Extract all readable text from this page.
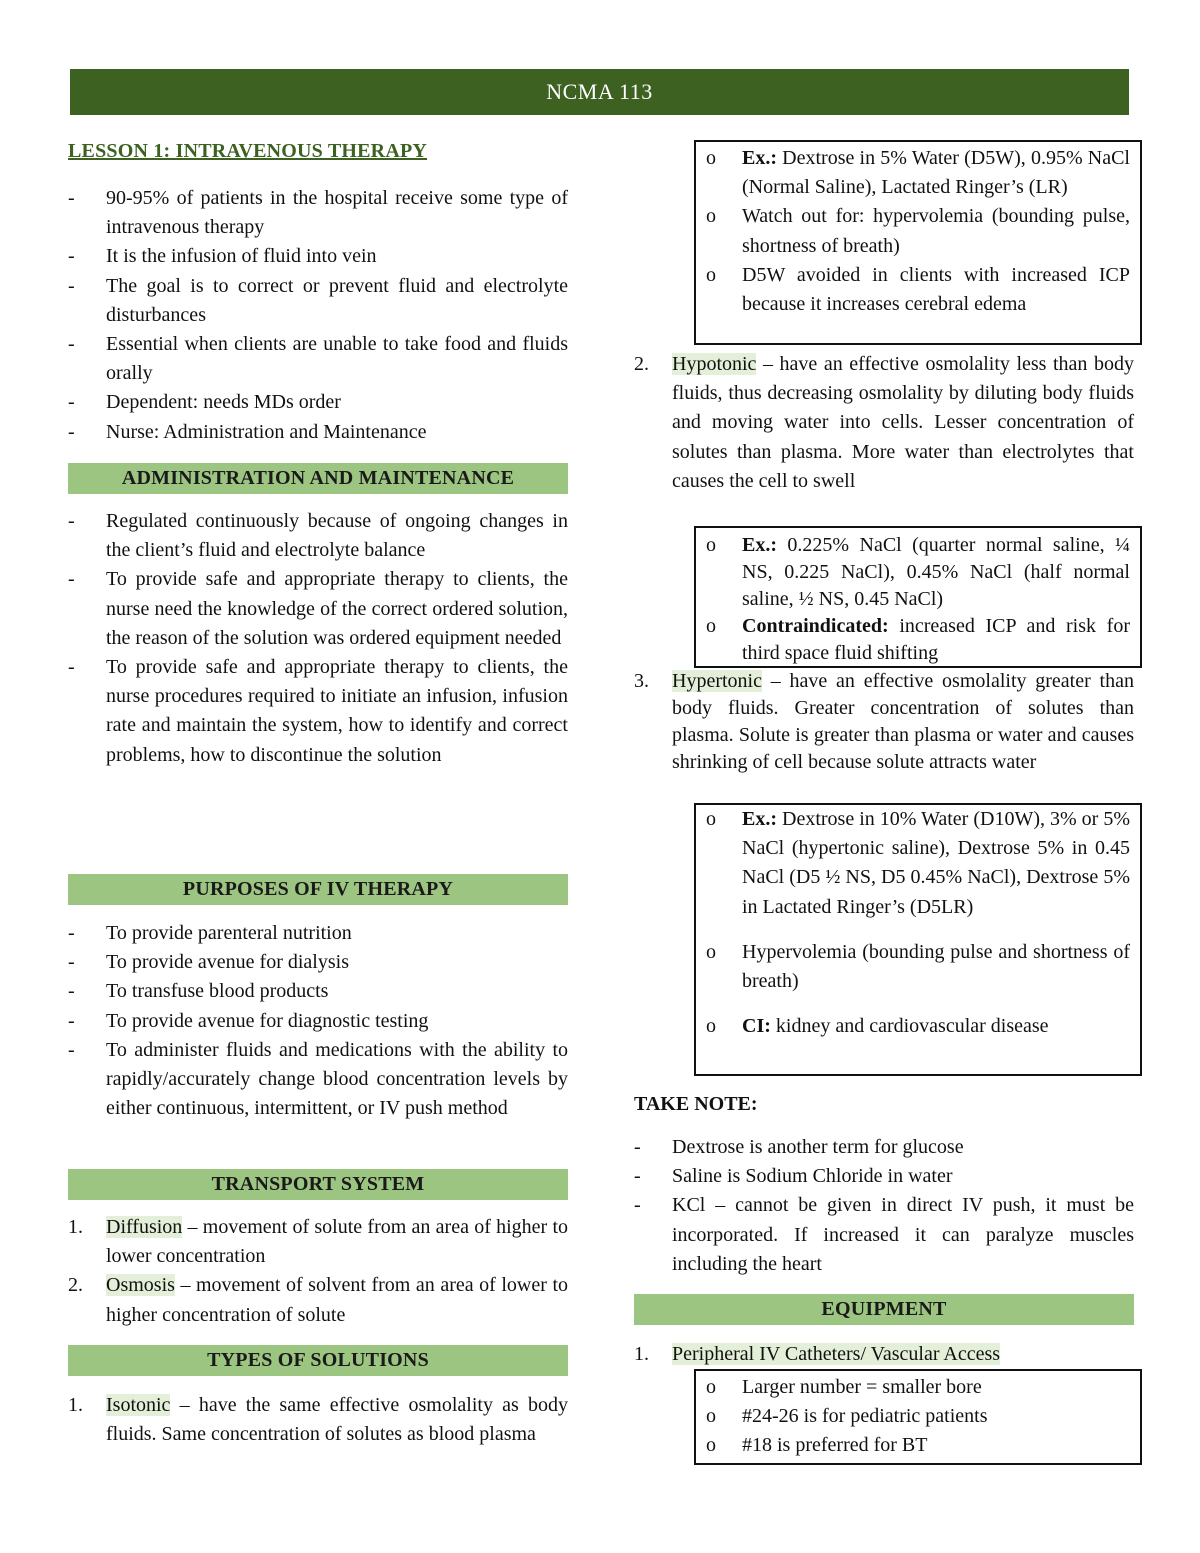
NCMA 113
LESSON 1: INTRAVENOUS THERAPY
- 90-95% of patients in the hospital receive some type of intravenous therapy
- It is the infusion of fluid into vein
- The goal is to correct or prevent fluid and electrolyte disturbances
- Essential when clients are unable to take food and fluids orally
- Dependent: needs MDs order
- Nurse: Administration and Maintenance
ADMINISTRATION AND MAINTENANCE
- Regulated continuously because of ongoing changes in the client’s fluid and electrolyte balance
- To provide safe and appropriate therapy to clients, the nurse need the knowledge of the correct ordered solution, the reason of the solution was ordered equipment needed
- To provide safe and appropriate therapy to clients, the nurse procedures required to initiate an infusion, infusion rate and maintain the system, how to identify and correct problems, how to discontinue the solution
PURPOSES OF IV THERAPY
- To provide parenteral nutrition
- To provide avenue for dialysis
- To transfuse blood products
- To provide avenue for diagnostic testing
- To administer fluids and medications with the ability to rapidly/accurately change blood concentration levels by either continuous, intermittent, or IV push method
TRANSPORT SYSTEM
1. Diffusion – movement of solute from an area of higher to lower concentration
2. Osmosis – movement of solvent from an area of lower to higher concentration of solute
TYPES OF SOLUTIONS
1. Isotonic – have the same effective osmolality as body fluids. Same concentration of solutes as blood plasma
o Ex.: Dextrose in 5% Water (D5W), 0.95% NaCl (Normal Saline), Lactated Ringer’s (LR)
o Watch out for: hypervolemia (bounding pulse, shortness of breath)
o D5W avoided in clients with increased ICP because it increases cerebral edema
2. Hypotonic – have an effective osmolality less than body fluids, thus decreasing osmolality by diluting body fluids and moving water into cells. Lesser concentration of solutes than plasma. More water than electrolytes that causes the cell to swell
o Ex.: 0.225% NaCl (quarter normal saline, ¼ NS, 0.225 NaCl), 0.45% NaCl (half normal saline, ½ NS, 0.45 NaCl)
o Contraindicated: increased ICP and risk for third space fluid shifting
3. Hypertonic – have an effective osmolality greater than body fluids. Greater concentration of solutes than plasma. Solute is greater than plasma or water and causes shrinking of cell because solute attracts water
o Ex.: Dextrose in 10% Water (D10W), 3% or 5% NaCl (hypertonic saline), Dextrose 5% in 0.45 NaCl (D5 ½ NS, D5 0.45% NaCl), Dextrose 5% in Lactated Ringer’s (D5LR)
o Hypervolemia (bounding pulse and shortness of breath)
o CI: kidney and cardiovascular disease
TAKE NOTE:
- Dextrose is another term for glucose
- Saline is Sodium Chloride in water
- KCl – cannot be given in direct IV push, it must be incorporated. If increased it can paralyze muscles including the heart
EQUIPMENT
1. Peripheral IV Catheters/ Vascular Access
o Larger number = smaller bore
o #24-26 is for pediatric patients
o #18 is preferred for BT
